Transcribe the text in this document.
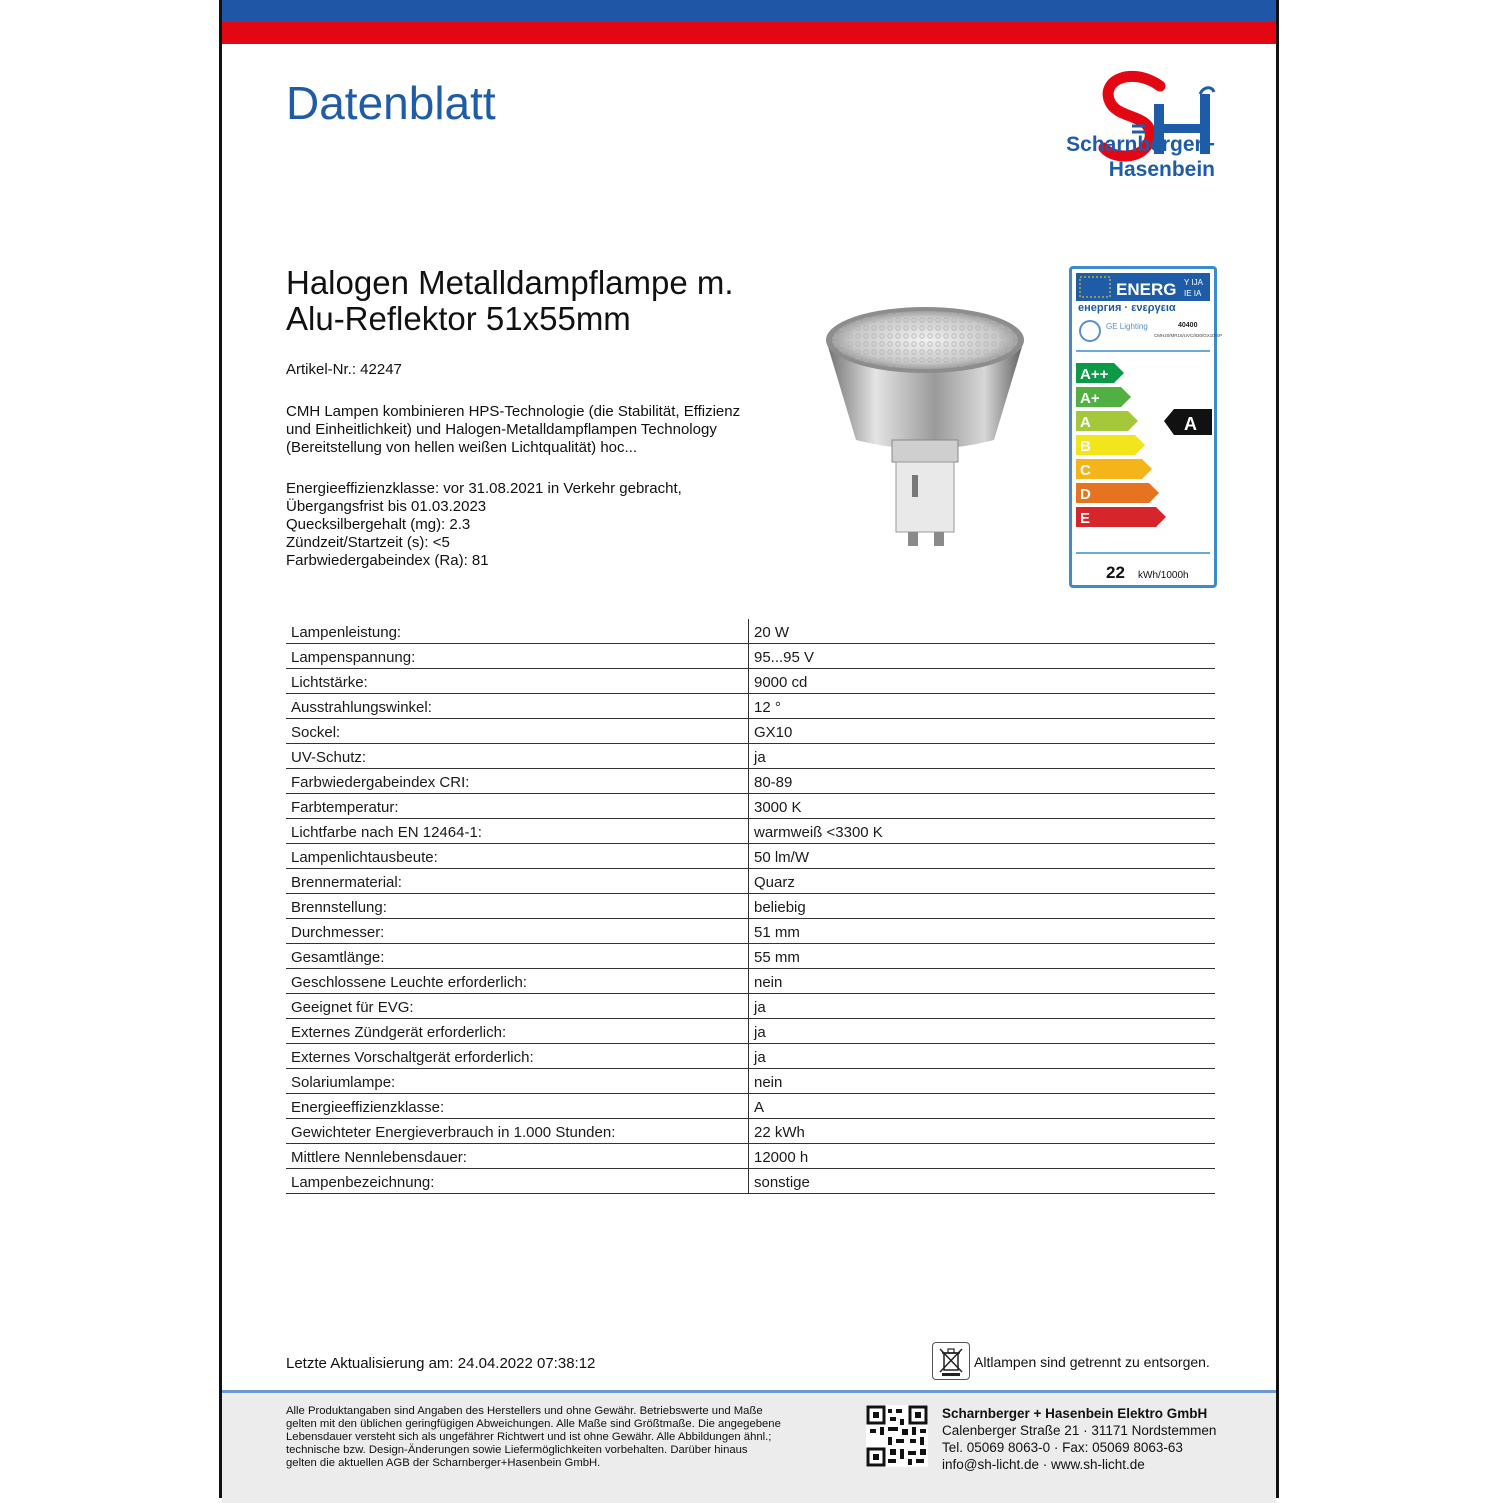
Datenblatt
Scharnberger+
Hasenbein
Halogen Metalldampflampe m.
Alu-Reflektor 51x55mm
Artikel-Nr.: 42247
CMH Lampen kombinieren HPS-Technologie (die Stabilität, Effizienz
und Einheitlichkeit) und Halogen-Metalldampflampen Technology
(Bereitstellung von hellen weißen Lichtqualität) hoc...
Energieeffizienzklasse: vor 31.08.2021 in Verkehr gebracht,
Übergangsfrist bis 01.03.2023
Quecksilbergehalt (mg): 2.3
Zündzeit/Startzeit (s): <5
Farbwiedergabeindex (Ra): 81
ENERG Y IJA
IE IA
енергия · ενεργεια
GE Lighting	40400
CMH20/MR16/UVC/830/GX10/SP
A++
A+
A
B
C
D
E
A
22 kWh/1000h
Lampenleistung:	20 W
Lampenspannung:	95...95 V
Lichtstärke:	9000 cd
Ausstrahlungswinkel:	12 °
Sockel:	GX10
UV-Schutz:	ja
Farbwiedergabeindex CRI:	80-89
Farbtemperatur:	3000 K
Lichtfarbe nach EN 12464-1:	warmweiß <3300 K
Lampenlichtausbeute:	50 lm/W
Brennermaterial:	Quarz
Brennstellung:	beliebig
Durchmesser:	51 mm
Gesamtlänge:	55 mm
Geschlossene Leuchte erforderlich:	nein
Geeignet für EVG:	ja
Externes Zündgerät erforderlich:	ja
Externes Vorschaltgerät erforderlich:	ja
Solariumlampe:	nein
Energieeffizienzklasse:	A
Gewichteter Energieverbrauch in 1.000 Stunden:	22 kWh
Mittlere Nennlebensdauer:	12000 h
Lampenbezeichnung:	sonstige
Letzte Aktualisierung am: 24.04.2022 07:38:12	Altlampen sind getrennt zu entsorgen.
Alle Produktangaben sind Angaben des Herstellers und ohne Gewähr. Betriebswerte und Maße
gelten mit den üblichen geringfügigen Abweichungen. Alle Maße sind Größtmaße. Die angegebene
Lebensdauer versteht sich als ungefährer Richtwert und ist ohne Gewähr. Alle Abbildungen ähnl.;
technische bzw. Design-Änderungen sowie Liefermöglichkeiten vorbehalten. Darüber hinaus
gelten die aktuellen AGB der Scharnberger+Hasenbein GmbH.
Scharnberger + Hasenbein Elektro GmbH
Calenberger Straße 21 · 31171 Nordstemmen
Tel. 05069 8063-0 · Fax: 05069 8063-63
info@sh-licht.de · www.sh-licht.de
